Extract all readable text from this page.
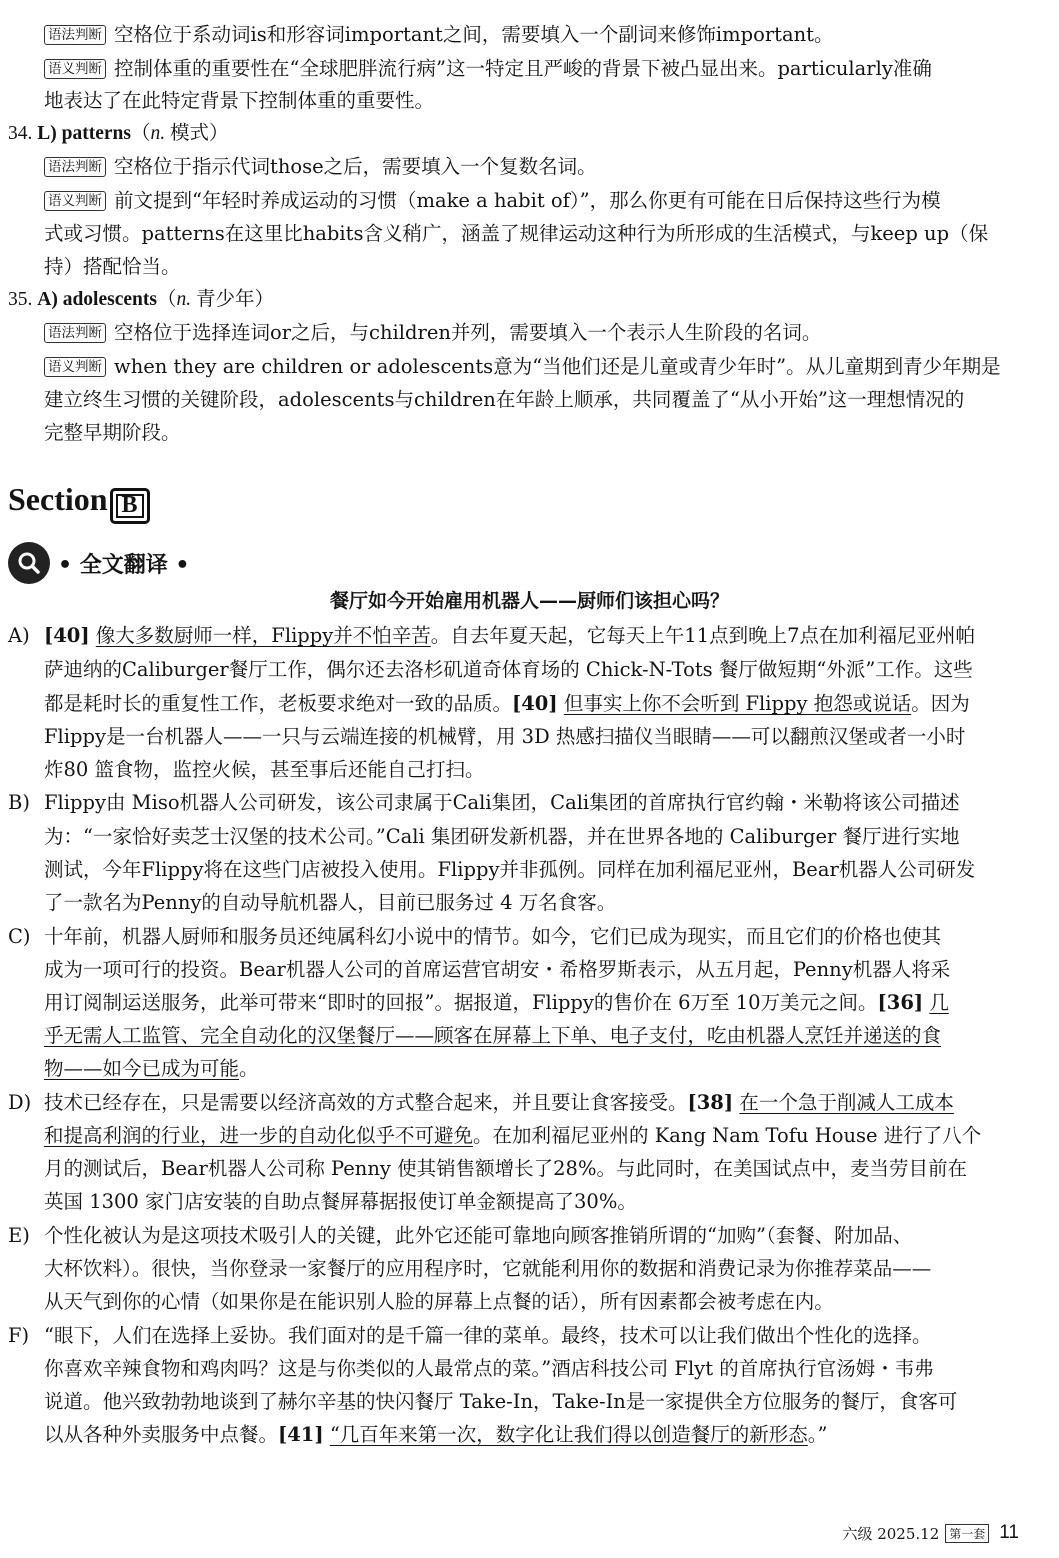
语法判断 空格位于系动词is和形容词important之间，需要填入一个副词来修饰important。
语义判断 控制体重的重要性在“全球肥胖流行病”这一特定且严峻的背景下被凸显出来。particularly准确
地表达了在此特定背景下控制体重的重要性。
34. L) patterns（n. 模式）
语法判断 空格位于指示代词those之后，需要填入一个复数名词。
语义判断 前文提到“年轻时养成运动的习惯（make a habit of）”，那么你更有可能在日后保持这些行为模
式或习惯。patterns在这里比habits含义稍广，涵盖了规律运动这种行为所形成的生活模式，与keep up（保
持）搭配恰当。
35. A) adolescents（n. 青少年）
语法判断 空格位于选择连词or之后，与children并列，需要填入一个表示人生阶段的名词。
语义判断 when they are children or adolescents意为“当他们还是儿童或青少年时”。从儿童期到青少年期是
建立终生习惯的关键阶段，adolescents与children在年龄上顺承，共同覆盖了“从小开始”这一理想情况的
完整早期阶段。
Section B
• 全文翻译 •
餐厅如今开始雇用机器人——厨师们该担心吗？
A) [40] 像大多数厨师一样，Flippy并不怕辛苦。自去年夏天起，它每天上午11点到晚上7点在加利福尼亚州帕
萨迪纳的Caliburger餐厅工作，偶尔还去洛杉矶道奇体育场的 Chick-N-Tots 餐厅做短期“外派”工作。这些
都是耗时长的重复性工作，老板要求绝对一致的品质。[40] 但事实上你不会听到 Flippy 抱怨或说话。因为
Flippy是一台机器人——一只与云端连接的机械臂，用 3D 热感扫描仪当眼睛——可以翻煎汉堡或者一小时
炸80 篮食物，监控火候，甚至事后还能自己打扫。
B) Flippy由 Miso机器人公司研发，该公司隶属于Cali集团，Cali集团的首席执行官约翰・米勒将该公司描述
为：“一家恰好卖芝士汉堡的技术公司。”Cali 集团研发新机器，并在世界各地的 Caliburger 餐厅进行实地
测试，今年Flippy将在这些门店被投入使用。Flippy并非孤例。同样在加利福尼亚州，Bear机器人公司研发
了一款名为Penny的自动导航机器人，目前已服务过 4 万名食客。
C) 十年前，机器人厨师和服务员还纯属科幻小说中的情节。如今，它们已成为现实，而且它们的价格也使其
成为一项可行的投资。Bear机器人公司的首席运营官胡安・希格罗斯表示，从五月起，Penny机器人将采
用订阅制运送服务，此举可带来“即时的回报”。据报道，Flippy的售价在 6万至 10万美元之间。[36] 几
乎无需人工监管、完全自动化的汉堡餐厅——顾客在屏幕上下单、电子支付，吃由机器人烹饪并递送的食
物——如今已成为可能。
D) 技术已经存在，只是需要以经济高效的方式整合起来，并且要让食客接受。[38] 在一个急于削减人工成本
和提高利润的行业，进一步的自动化似乎不可避免。在加利福尼亚州的 Kang Nam Tofu House 进行了八个
月的测试后，Bear机器人公司称 Penny 使其销售额增长了28%。与此同时，在美国试点中，麦当劳目前在
英国 1300 家门店安装的自助点餐屏幕据报使订单金额提高了30%。
E) 个性化被认为是这项技术吸引人的关键，此外它还能可靠地向顾客推销所谓的“加购”（套餐、附加品、
大杯饮料）。很快，当你登录一家餐厅的应用程序时，它就能利用你的数据和消费记录为你推荐菜品——
从天气到你的心情（如果你是在能识别人脸的屏幕上点餐的话），所有因素都会被考虑在内。
F) “眼下，人们在选择上妥协。我们面对的是千篇一律的菜单。最终，技术可以让我们做出个性化的选择。
你喜欢辛辣食物和鸡肉吗？这是与你类似的人最常点的菜。”酒店科技公司 Flyt 的首席执行官汤姆・韦弗
说道。他兴致勃勃地谈到了赫尔辛基的快闪餐厅 Take-In，Take-In是一家提供全方位服务的餐厅，食客可
以从各种外卖服务中点餐。[41] “几百年来第一次，数字化让我们得以创造餐厅的新形态。”
六级 2025.12 第一套 11
